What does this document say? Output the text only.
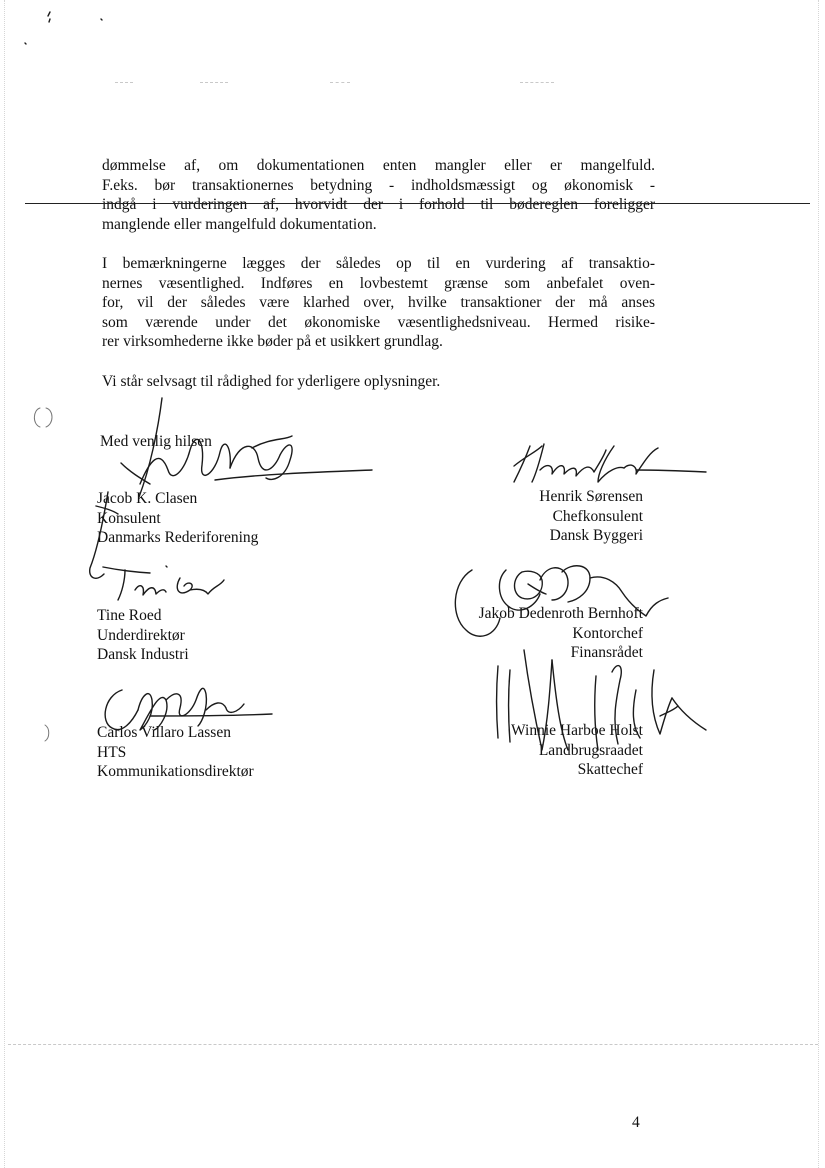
dømmelse af, om dokumentationen enten mangler eller er mangelfuld.
F.eks. bør transaktionernes betydning - indholdsmæssigt og økonomisk -
indgå i vurderingen af, hvorvidt der i forhold til bødereglen foreligger
manglende eller mangelfuld dokumentation.
I bemærkningerne lægges der således op til en vurdering af transaktio-
nernes væsentlighed. Indføres en lovbestemt grænse som anbefalet oven-
for, vil der således være klarhed over, hvilke transaktioner der må anses
som værende under det økonomiske væsentlighedsniveau. Hermed risike-
rer virksomhederne ikke bøder på et usikkert grundlag.
Vi står selvsagt til rådighed for yderligere oplysninger.
Med venlig hilsen
Jacob K. Clasen
Konsulent
Danmarks Rederiforening
Tine Roed
Underdirektør
Dansk Industri
Carlos Villaro Lassen
HTS
Kommunikationsdirektør
Henrik Sørensen
Chefkonsulent
Dansk Byggeri
Jakob Dedenroth Bernhoft
Kontorchef
Finansrådet
Winnie Harboe Holst
Landbrugsraadet
Skattechef
4
